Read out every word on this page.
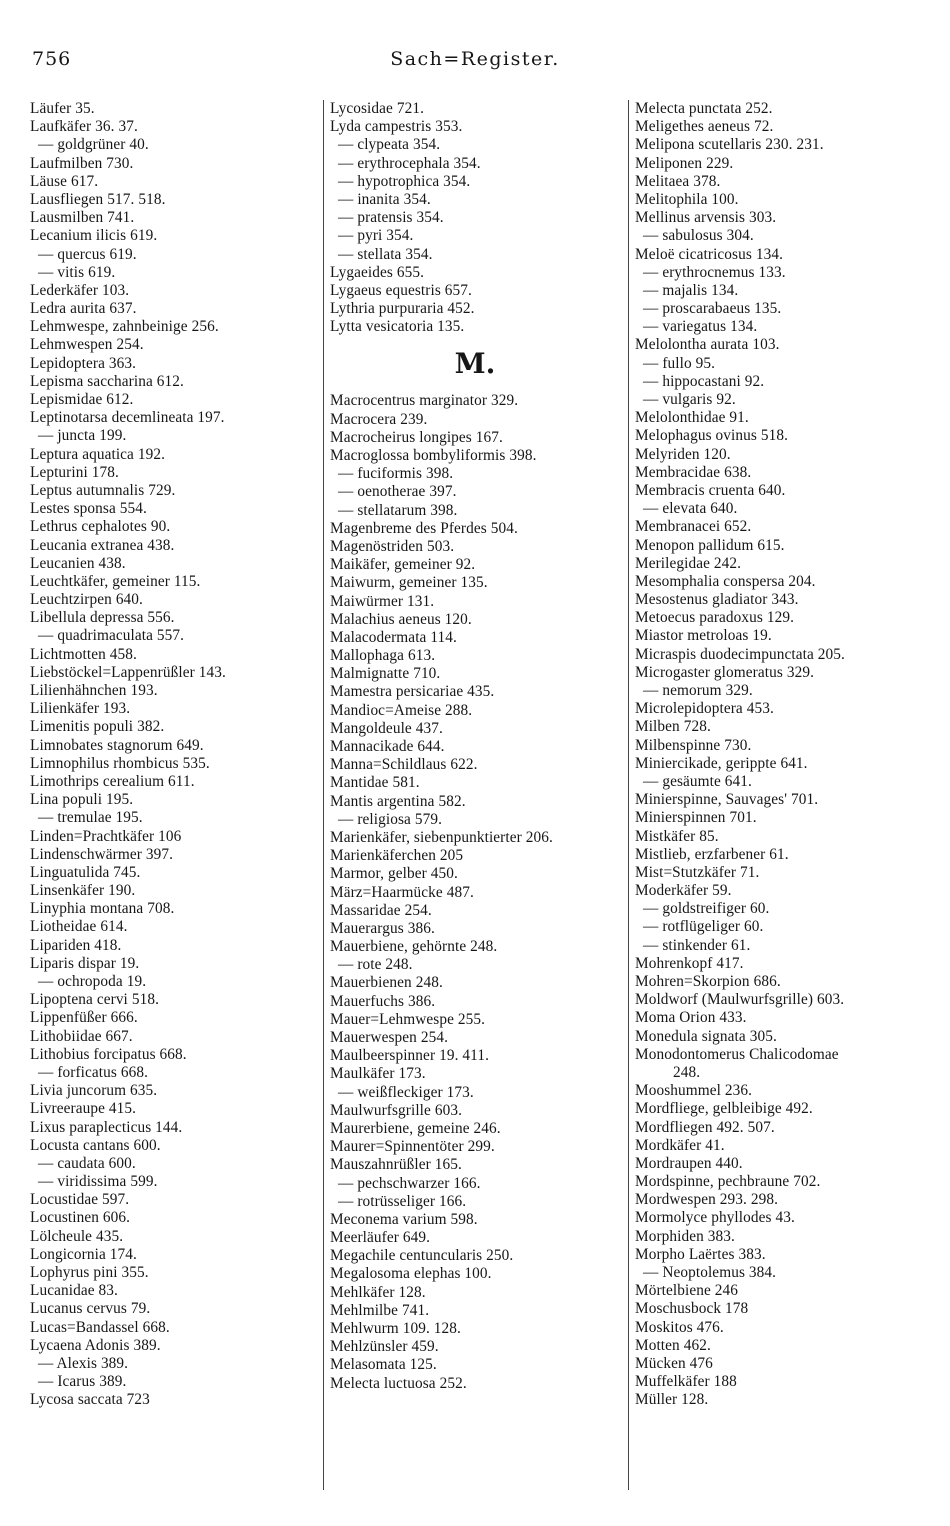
756	Sach=Register.
Läufer 35.
Laufkäfer 36. 37.
— goldgrüner 40.
Laufmilben 730.
Läuse 617.
Lausfliegen 517. 518.
Lausmilben 741.
Lecanium ilicis 619.
— quercus 619.
— vitis 619.
Lederkäfer 103.
Ledra aurita 637.
Lehmwespe, zahnbeinige 256.
Lehmwespen 254.
Lepidoptera 363.
Lepisma saccharina 612.
Lepismidae 612.
Leptinotarsa decemlineata 197.
— juncta 199.
Leptura aquatica 192.
Lepturini 178.
Leptus autumnalis 729.
Lestes sponsa 554.
Lethrus cephalotes 90.
Leucania extranea 438.
Leucanien 438.
Leuchtkäfer, gemeiner 115.
Leuchtzirpen 640.
Libellula depressa 556.
— quadrimaculata 557.
Lichtmotten 458.
Liebstöckel=Lappenrüßler 143.
Lilienhähnchen 193.
Lilienkäfer 193.
Limenitis populi 382.
Limnobates stagnorum 649.
Limnophilus rhombicus 535.
Limothrips cerealium 611.
Lina populi 195.
— tremulae 195.
Linden=Prachtkäfer 106
Lindenschwärmer 397.
Linguatulida 745.
Linsenkäfer 190.
Linyphia montana 708.
Liotheidae 614.
Lipariden 418.
Liparis dispar 19.
— ochropoda 19.
Lipoptena cervi 518.
Lippenfüßer 666.
Lithobiidae 667.
Lithobius forcipatus 668.
— forficatus 668.
Livia juncorum 635.
Livreeraupe 415.
Lixus paraplecticus 144.
Locusta cantans 600.
— caudata 600.
— viridissima 599.
Locustidae 597.
Locustinen 606.
Lölcheule 435.
Longicornia 174.
Lophyrus pini 355.
Lucanidae 83.
Lucanus cervus 79.
Lucas=Bandassel 668.
Lycaena Adonis 389.
— Alexis 389.
— Icarus 389.
Lycosa saccata 723
Lycosidae 721.
Lyda campestris 353.
— clypeata 354.
— erythrocephala 354.
— hypotrophica 354.
— inanita 354.
— pratensis 354.
— pyri 354.
— stellata 354.
Lygaeides 655.
Lygaeus equestris 657.
Lythria purpuraria 452.
Lytta vesicatoria 135.
M.
Macrocentrus marginator 329.
Macrocera 239.
Macrocheirus longipes 167.
Macroglossa bombyliformis 398.
— fuciformis 398.
— oenotherae 397.
— stellatarum 398.
Magenbreme des Pferdes 504.
Magenöstriden 503.
Maikäfer, gemeiner 92.
Maiwurm, gemeiner 135.
Maiwürmer 131.
Malachius aeneus 120.
Malacodermata 114.
Mallophaga 613.
Malmignatte 710.
Mamestra persicariae 435.
Mandioc=Ameise 288.
Mangoldeule 437.
Mannacikade 644.
Manna=Schildlaus 622.
Mantidae 581.
Mantis argentina 582.
— religiosa 579.
Marienkäfer, siebenpunktierter 206.
Marienkäferchen 205
Marmor, gelber 450.
März=Haarmücke 487.
Massaridae 254.
Mauerargus 386.
Mauerbiene, gehörnte 248.
— rote 248.
Mauerbienen 248.
Mauerfuchs 386.
Mauer=Lehmwespe 255.
Mauerwespen 254.
Maulbeerspinner 19. 411.
Maulkäfer 173.
— weißfleckiger 173.
Maulwurfsgrille 603.
Maurerbiene, gemeine 246.
Maurer=Spinnentöter 299.
Mauszahnrüßler 165.
— pechschwarzer 166.
— rotrüsseliger 166.
Meconema varium 598.
Meerläufer 649.
Megachile centuncularis 250.
Megalosoma elephas 100.
Mehlkäfer 128.
Mehlmilbe 741.
Mehlwurm 109. 128.
Mehlzünsler 459.
Melasomata 125.
Melecta luctuosa 252.
Melecta punctata 252.
Meligethes aeneus 72.
Melipona scutellaris 230. 231.
Meliponen 229.
Melitaea 378.
Melitophila 100.
Mellinus arvensis 303.
— sabulosus 304.
Meloë cicatricosus 134.
— erythrocnemus 133.
— majalis 134.
— proscarabaeus 135.
— variegatus 134.
Melolontha aurata 103.
— fullo 95.
— hippocastani 92.
— vulgaris 92.
Melolonthidae 91.
Melophagus ovinus 518.
Melyriden 120.
Membracidae 638.
Membracis cruenta 640.
— elevata 640.
Membranacei 652.
Menopon pallidum 615.
Merilegidae 242.
Mesomphalia conspersa 204.
Mesostenus gladiator 343.
Metoecus paradoxus 129.
Miastor metroloas 19.
Micraspis duodecimpunctata 205.
Microgaster glomeratus 329.
— nemorum 329.
Microlepidoptera 453.
Milben 728.
Milbenspinne 730.
Miniercikade, gerippte 641.
— gesäumte 641.
Minierspinne, Sauvages' 701.
Minierspinnen 701.
Mistkäfer 85.
Mistlieb, erzfarbener 61.
Mist=Stutzkäfer 71.
Moderkäfer 59.
— goldstreifiger 60.
— rotflügeliger 60.
— stinkender 61.
Mohrenkopf 417.
Mohren=Skorpion 686.
Moldworf (Maulwurfsgrille) 603.
Moma Orion 433.
Monedula signata 305.
Monodontomerus Chalicodomae
248.
Mooshummel 236.
Mordfliege, gelbleibige 492.
Mordfliegen 492. 507.
Mordkäfer 41.
Mordraupen 440.
Mordspinne, pechbraune 702.
Mordwespen 293. 298.
Mormolyce phyllodes 43.
Morphiden 383.
Morpho Laërtes 383.
— Neoptolemus 384.
Mörtelbiene 246
Moschusbock 178
Moskitos 476.
Motten 462.
Mücken 476
Muffelkäfer 188
Müller 128.
